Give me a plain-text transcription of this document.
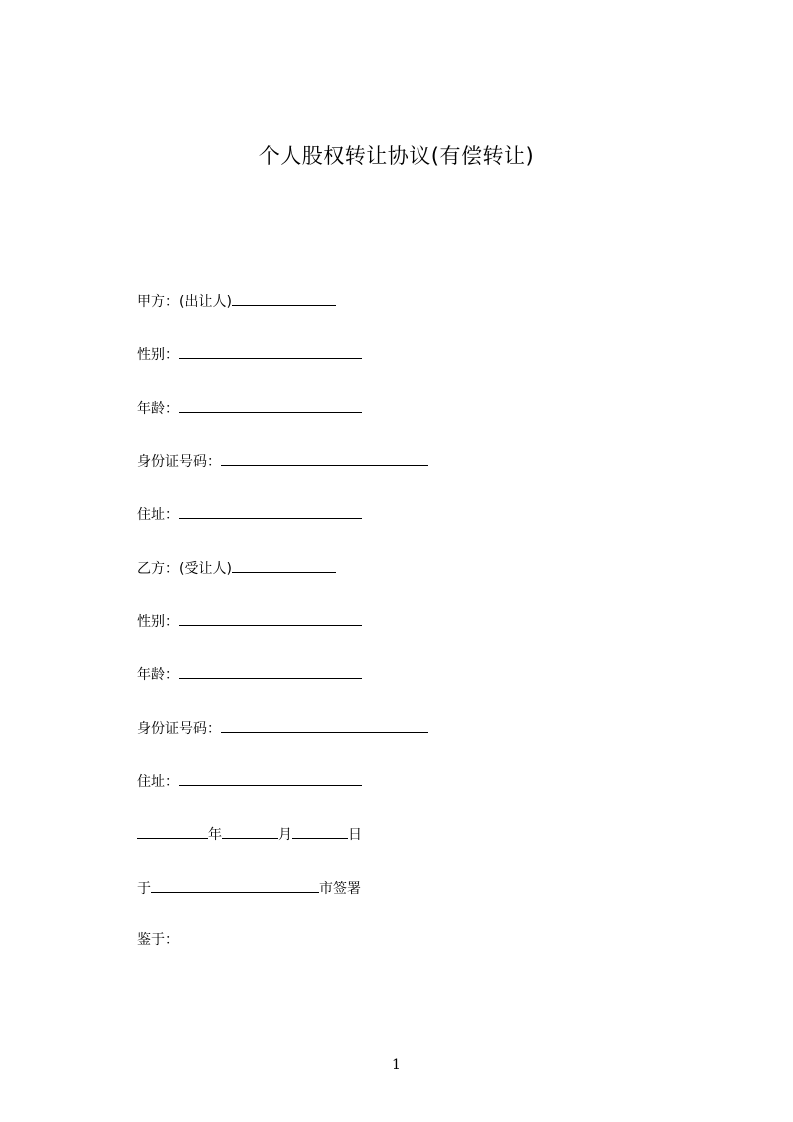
个人股权转让协议(有偿转让)
甲方：(出让人)
性别：
年龄：
身份证号码：
住址：
乙方：(受让人)
性别：
年龄：
身份证号码：
住址：
年	月	日
于	市签署
鉴于：
1
